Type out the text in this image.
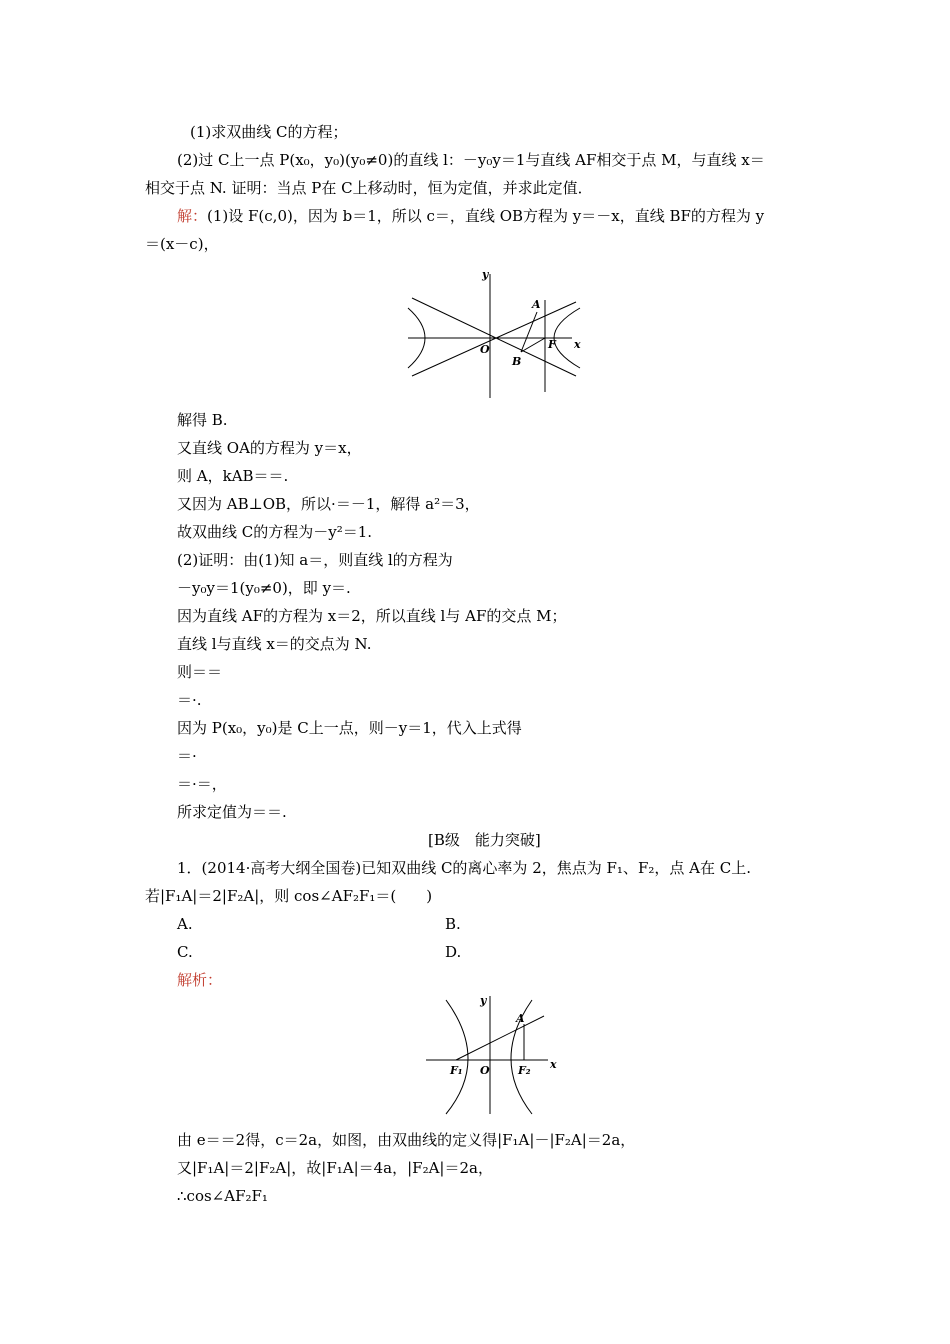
(1)求双曲线 C的方程；
(2)过 C上一点 P(x₀，y₀)(y₀≠0)的直线 l：－y₀y＝1与直线 AF相交于点 M，与直线 x＝
相交于点 N. 证明：当点 P在 C上移动时，恒为定值，并求此定值．
(1)设 F(c,0)，因为 b＝1，所以 c＝，直线 OB方程为 y＝－x，直线 BF的方程为 y
＝(x－c)，
解得 B.
又直线 OA的方程为 y＝x，
则 A，kAB＝＝.
又因为 AB⊥OB，所以·＝－1，解得 a²＝3，
故双曲线 C的方程为－y²＝1.
(2)证明：由(1)知 a＝，则直线 l的方程为
－y₀y＝1(y₀≠0)，即 y＝.
因为直线 AF的方程为 x＝2，所以直线 l与 AF的交点 M；
直线 l与直线 x＝的交点为 N.
则＝＝
＝·.
因为 P(x₀，y₀)是 C上一点，则－y＝1，代入上式得
＝·
＝·＝，
所求定值为＝＝.
[B级　能力突破]
1．(2014·高考大纲全国卷)已知双曲线 C的离心率为 2，焦点为 F₁、F₂，点 A在 C上.
若|F₁A|＝2|F₂A|，则 cos∠AF₂F₁＝(　　)
A.	B.
C.	D.
由 e＝＝2得，c＝2a，如图，由双曲线的定义得|F₁A|－|F₂A|＝2a，
又|F₁A|＝2|F₂A|，故|F₁A|＝4a，|F₂A|＝2a，
∴cos∠AF₂F₁
解：
解析：
y
x
O
A
B
F
y
x
O
A
F₁	F₂
